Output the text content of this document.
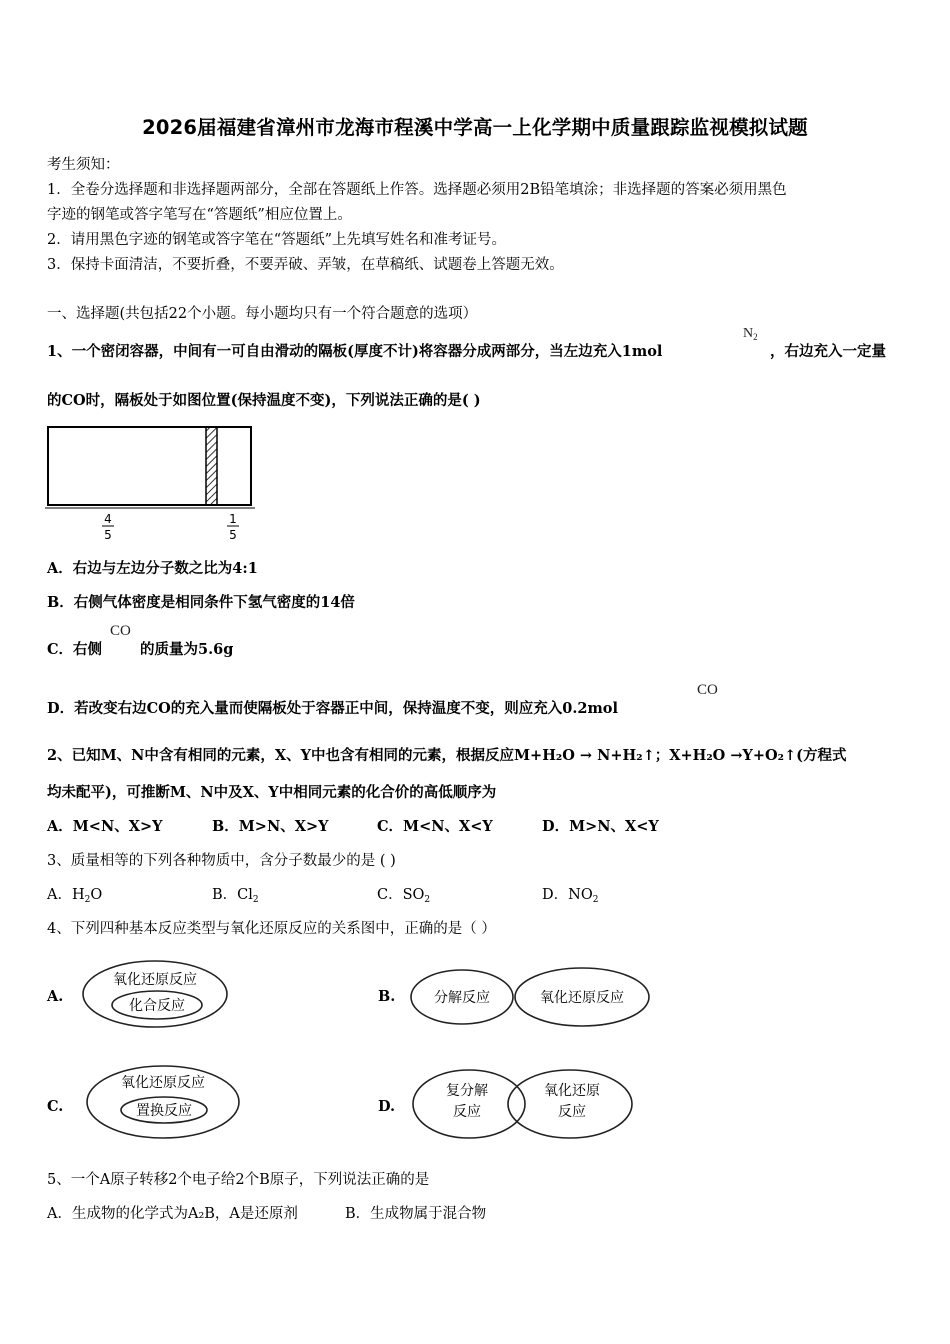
2026届福建省漳州市龙海市程溪中学高一上化学期中质量跟踪监视模拟试题
考生须知：
1．全卷分选择题和非选择题两部分，全部在答题纸上作答。选择题必须用2B铅笔填涂；非选择题的答案必须用黑色
字迹的钢笔或答字笔写在“答题纸”相应位置上。
2．请用黑色字迹的钢笔或答字笔在“答题纸”上先填写姓名和准考证号。
3．保持卡面清洁，不要折叠，不要弄破、弄皱，在草稿纸、试题卷上答题无效。
一、选择题(共包括22个小题。每小题均只有一个符合题意的选项）
1、一个密闭容器，中间有一可自由滑动的隔板(厚度不计)将容器分成两部分，当左边充入1mol
$N_2$
，右边充入一定量
的CO时，隔板处于如图位置(保持温度不变)，下列说法正确的是( )
4
5
1
5
A．右边与左边分子数之比为4:1
B．右侧气体密度是相同条件下氢气密度的14倍
C．右侧
CO
的质量为5.6g
D．若改变右边CO的充入量而使隔板处于容器正中间，保持温度不变，则应充入0.2mol
CO
2、已知M、N中含有相同的元素，X、Y中也含有相同的元素，根据反应M+H₂O → N+H₂↑；X+H₂O →Y+O₂↑(方程式
均未配平)，可推断M、N中及X、Y中相同元素的化合价的高低顺序为
A．M<N、X>Y	B．M>N、X>Y	C．M<N、X<Y	D．M>N、X<Y
3、质量相等的下列各种物质中，含分子数最少的是 ( )
A．$H_2O$	B．$Cl_2$	C．$SO_2$	D．$NO_2$
4、下列四种基本反应类型与氧化还原反应的关系图中，正确的是（ ）
A.
氧化还原反应
化合反应
B.	分解反应	氧化还原反应
C.
氧化还原反应
置换反应	D.
复分解
反应
氧化还原
反应
5、一个A原子转移2个电子给2个B原子，下列说法正确的是
A．生成物的化学式为A₂B，A是还原剂	B．生成物属于混合物
